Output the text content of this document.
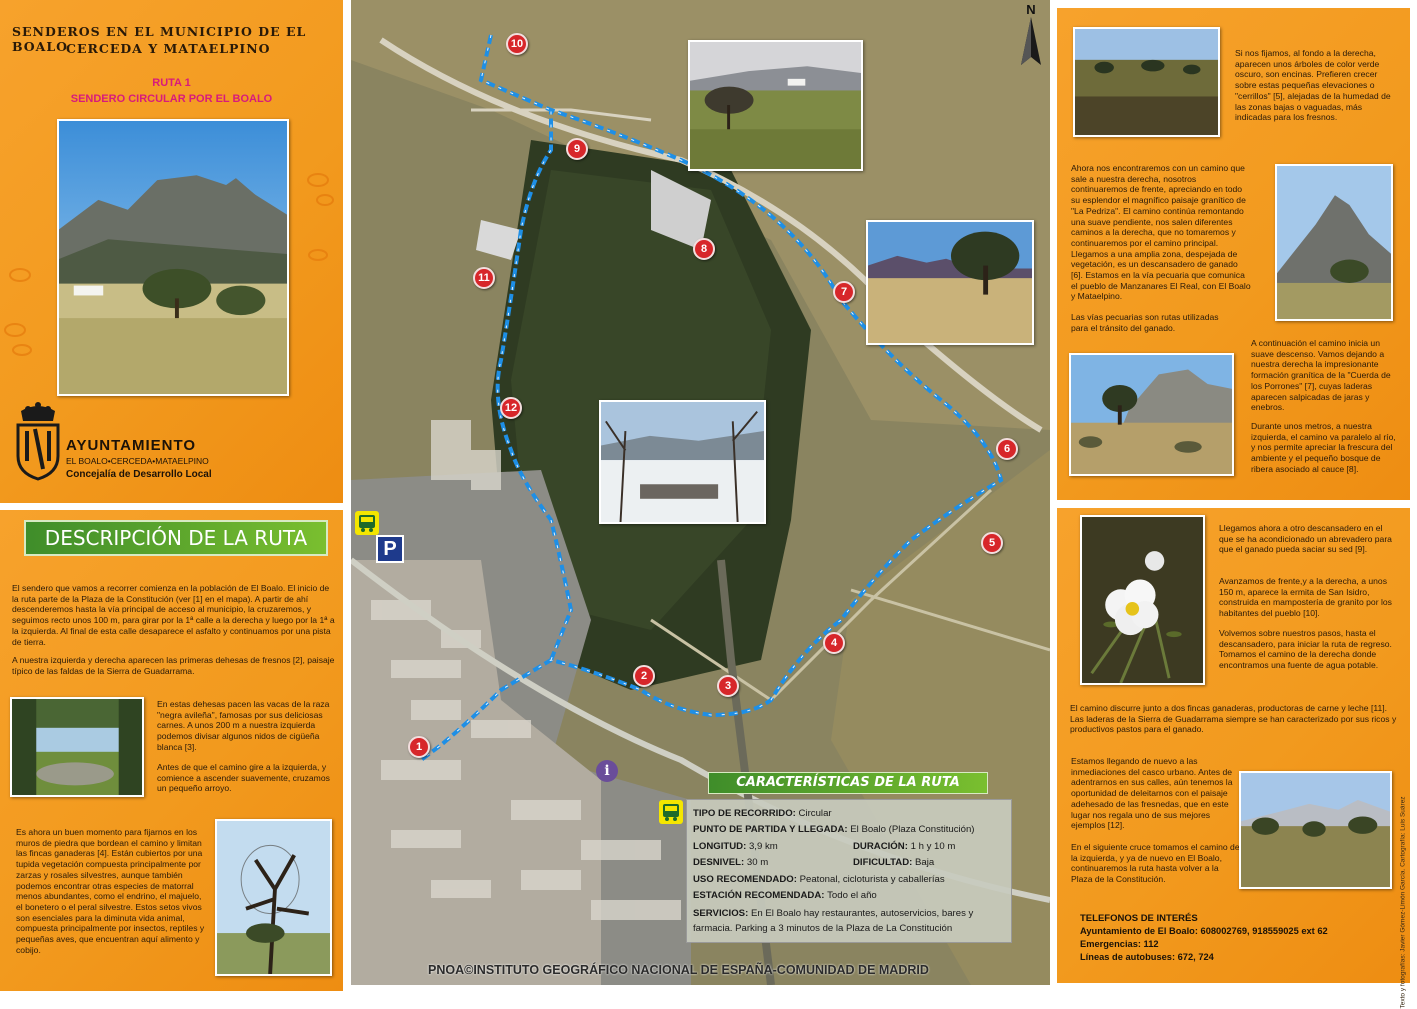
SENDEROS EN EL MUNICIPIO DE EL BOALO
CERCEDA Y MATAELPINO
RUTA 1
SENDERO CIRCULAR POR EL BOALO
AYUNTAMIENTO
EL BOALO•CERCEDA•MATAELPINO
Concejalía de Desarrollo Local
DESCRIPCIÓN DE LA RUTA
El sendero que vamos a recorrer comienza en la población de El Boalo. El inicio de la ruta parte de la Plaza de la Constitución (ver [1] en el mapa). A partir de ahí descenderemos hasta la vía principal de acceso al municipio, la cruzaremos, y seguimos recto unos 100 m, para girar por la 1ª calle a la derecha y luego por la 1ª a la izquierda. Al final de esta calle desaparece el asfalto y continuamos por una pista de tierra.
A nuestra izquierda y derecha aparecen las primeras dehesas de fresnos [2], paisaje típico de las faldas de la Sierra de Guadarrama.
En estas dehesas pacen las vacas de la raza "negra avileña", famosas por sus deliciosas carnes. A unos 200 m a nuestra izquierda podemos divisar algunos nidos de cigüeña blanca [3].
Antes de que el camino gire a la izquierda, y comience a ascender suavemente, cruzamos un pequeño arroyo.
Es ahora un buen momento para fijarnos en los muros de piedra que bordean el camino y limitan las fincas ganaderas [4]. Están cubiertos por una tupida vegetación compuesta principalmente por zarzas y rosales silvestres, aunque también podemos encontrar otras especies de matorral menos abundantes, como el endrino, el majuelo, el bonetero o el peral silvestre. Estos setos vivos son esenciales para la diminuta vida animal, compuesta principalmente por insectos, reptiles y pequeñas aves, que encuentran aquí alimento y cobijo.
1
2
3
4
5
6
7
8
9
10
11
12
N
P
i
CARACTERÍSTICAS DE LA RUTA
TIPO DE RECORRIDO: Circular
PUNTO DE PARTIDA Y LLEGADA: El Boalo (Plaza Constitución)
LONGITUD: 3,9 km	DURACIÓN: 1 h y 10 m
DESNIVEL: 30 m	DIFICULTAD: Baja
USO RECOMENDADO: Peatonal, cicloturista y caballerías
ESTACIÓN RECOMENDADA: Todo el año
SERVICIOS: En El Boalo hay restaurantes, autoservicios, bares y farmacia. Parking a 3 minutos de la Plaza de La Constitución
PNOA©INSTITUTO GEOGRÁFICO NACIONAL DE ESPAÑA-COMUNIDAD DE MADRID
Si nos fijamos, al fondo a la derecha, aparecen unos árboles de color verde oscuro, son encinas. Prefieren crecer sobre estas pequeñas elevaciones o "cerrillos" [5], alejadas de la humedad de las zonas bajas o vaguadas, más indicadas para los fresnos.
Ahora nos encontraremos con un camino que sale a nuestra derecha, nosotros continuaremos de frente, apreciando en todo su esplendor el magnífico paisaje granítico de "La Pedriza". El camino continúa remontando una suave pendiente, nos salen diferentes caminos a la derecha, que no tomaremos y continuaremos por el camino principal. Llegamos a una amplia zona, despejada de vegetación, es un descansadero de ganado [6]. Estamos en la vía pecuaria que comunica el pueblo de Manzanares El Real, con El Boalo y Mataelpino.
Las vías pecuarias son rutas utilizadas para el tránsito del ganado.
A continuación el camino inicia un suave descenso. Vamos dejando a nuestra derecha la impresionante formación granítica de la "Cuerda de los Porrones" [7], cuyas laderas aparecen salpicadas de jaras y enebros.
Durante unos metros, a nuestra izquierda, el camino va paralelo al río, y nos permite apreciar la frescura del ambiente y el pequeño bosque de ribera asociado al cauce [8].
Llegamos ahora a otro descansadero en el que se ha acondicionado un abrevadero para que el ganado pueda saciar su sed [9].
Avanzamos de frente,y a la derecha, a unos 150 m, aparece la ermita de San Isidro, construida en mampostería de granito por los habitantes del pueblo [10].
Volvemos sobre nuestros pasos, hasta el descansadero, para iniciar la ruta de regreso. Tomamos el camino de la derecha donde encontramos una fuente de agua potable.
El camino discurre junto a dos fincas ganaderas, productoras de carne y leche [11]. Las laderas de la Sierra de Guadarrama siempre se han caracterizado por sus ricos y productivos pastos para el ganado.
Estamos llegando de nuevo a las inmediaciones del casco urbano. Antes de adentrarnos en sus calles, aún tenemos la oportunidad de deleitarnos con el paisaje adehesado de las fresnedas, que en este lugar nos regala uno de sus mejores ejemplos [12].
En el siguiente cruce tomamos el camino de la izquierda, y ya de nuevo en El Boalo, continuaremos la ruta hasta volver a la Plaza de la Constitución.
TELEFONOS DE INTERÉS
Ayuntamiento de El Boalo: 608002769, 918559025 ext 62
Emergencias: 112
Líneas de autobuses: 672, 724	Texto y fotografías: Javier Gómez-Limón García. Cartografía: Luis Suárez
